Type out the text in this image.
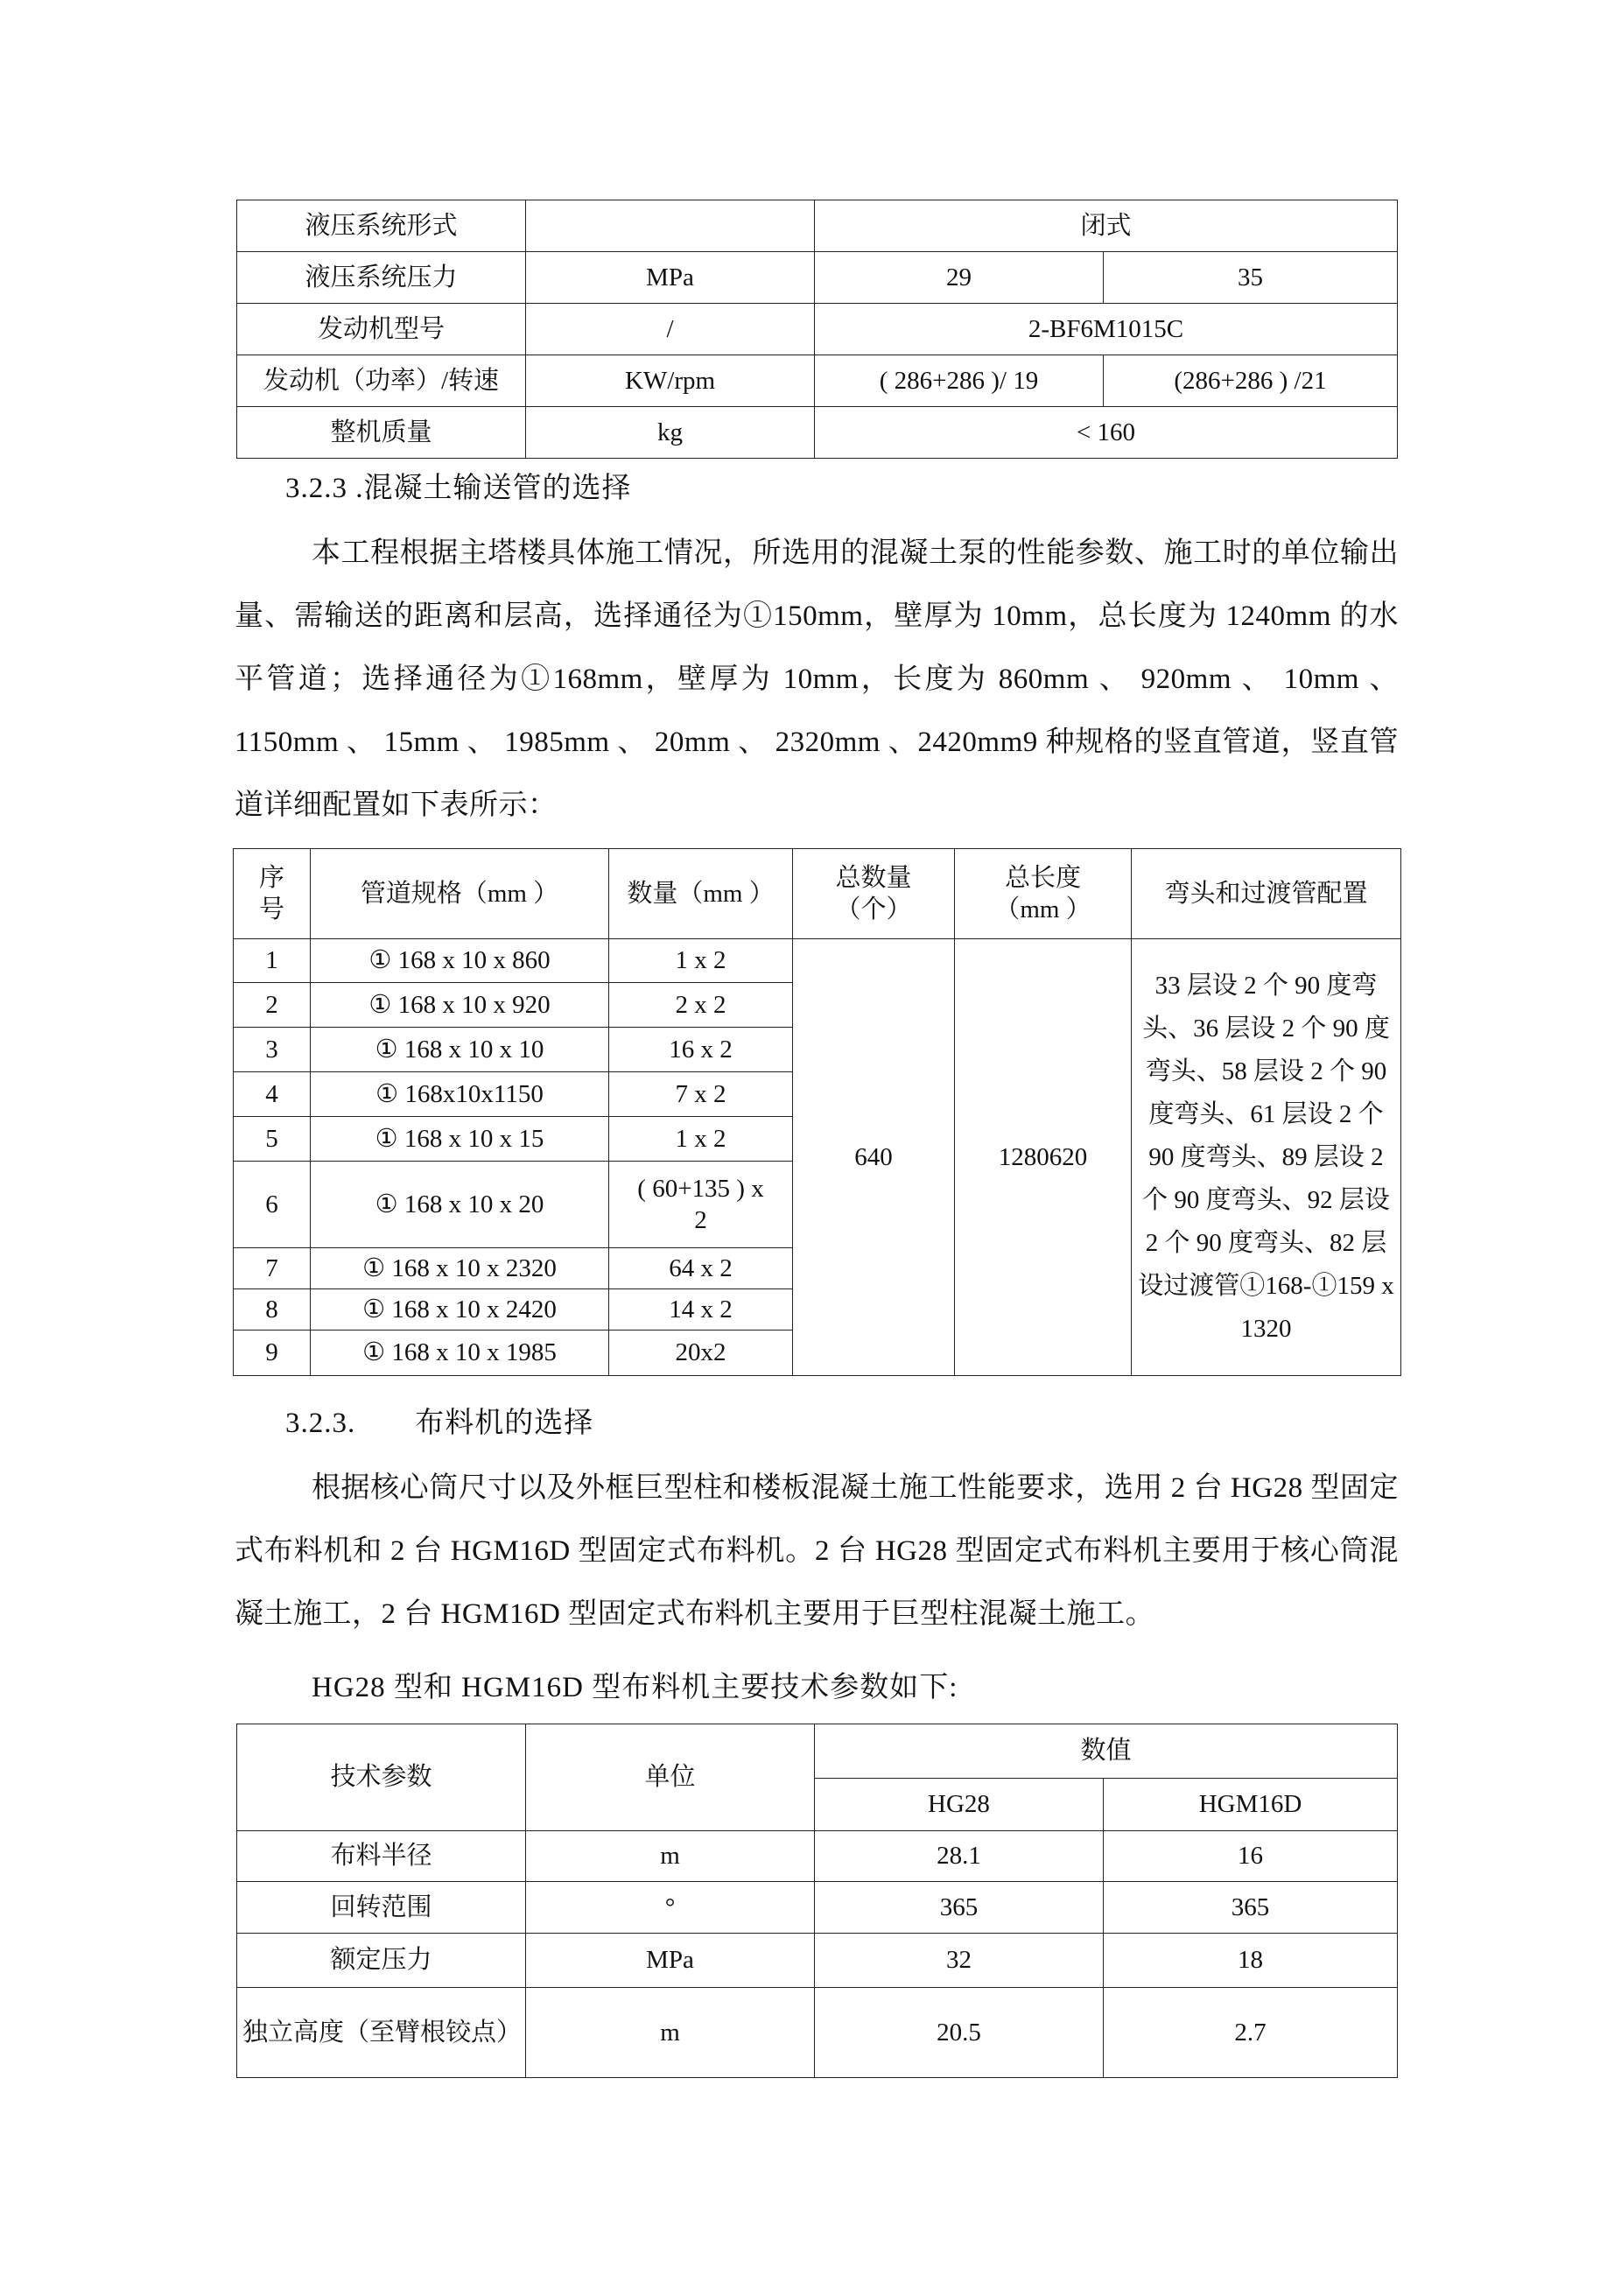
液压系统形式		闭式	
液压系统压力	MPa	29	35
发动机型号	/	2-BF6M1015C	
发动机（功率）/转速	KW/rpm	( 286+286 )/ 19	(286+286 ) /21
整机质量	kg	< 160	
3.2.3 .混凝土输送管的选择
本工程根据主塔楼具体施工情况，所选用的混凝土泵的性能参数、施工时的单位输出量、需输送的距离和层高，选择通径为①150mm，壁厚为 10mm，总长度为 1240mm 的水平管道；选择通径为①168mm，壁厚为 10mm，长度为 860mm 、 920mm 、 10mm 、 1150mm 、 15mm 、 1985mm 、 20mm 、 2320mm 、2420mm9 种规格的竖直管道，竖直管道详细配置如下表所示：
序号	管道规格（mm ）	数量（mm ）	总数量（个）	总长度（mm ）	弯头和过渡管配置
1	① 168 x 10 x 860	1 x 2	640	1280620	33 层设 2 个 90 度弯头、36 层设 2 个 90 度弯头、58 层设 2 个 90 度弯头、61 层设 2 个 90 度弯头、89 层设 2 个 90 度弯头、92 层设 2 个 90 度弯头、82 层设过渡管①168-①159 x 1320
2	① 168 x 10 x 920	2 x 2			
3	① 168 x 10 x 10	16 x 2			
4	① 168x10x1150	7 x 2			
5	① 168 x 10 x 15	1 x 2			
6	① 168 x 10 x 20	( 60+135 ) x 2			
7	① 168 x 10 x 2320	64 x 2			
8	① 168 x 10 x 2420	14 x 2			
9	① 168 x 10 x 1985	20x2			
3.2.3.　　布料机的选择
根据核心筒尺寸以及外框巨型柱和楼板混凝土施工性能要求，选用 2 台 HG28 型固定式布料机和 2 台 HGM16D 型固定式布料机。2 台 HG28 型固定式布料机主要用于核心筒混凝土施工，2 台 HGM16D 型固定式布料机主要用于巨型柱混凝土施工。
HG28 型和 HGM16D 型布料机主要技术参数如下:
技术参数	单位	数值	
		HG28	HGM16D
布料半径	m	28.1	16
回转范围	°	365	365
额定压力	MPa	32	18
独立高度（至臂根铰点）	m	20.5	2.7
